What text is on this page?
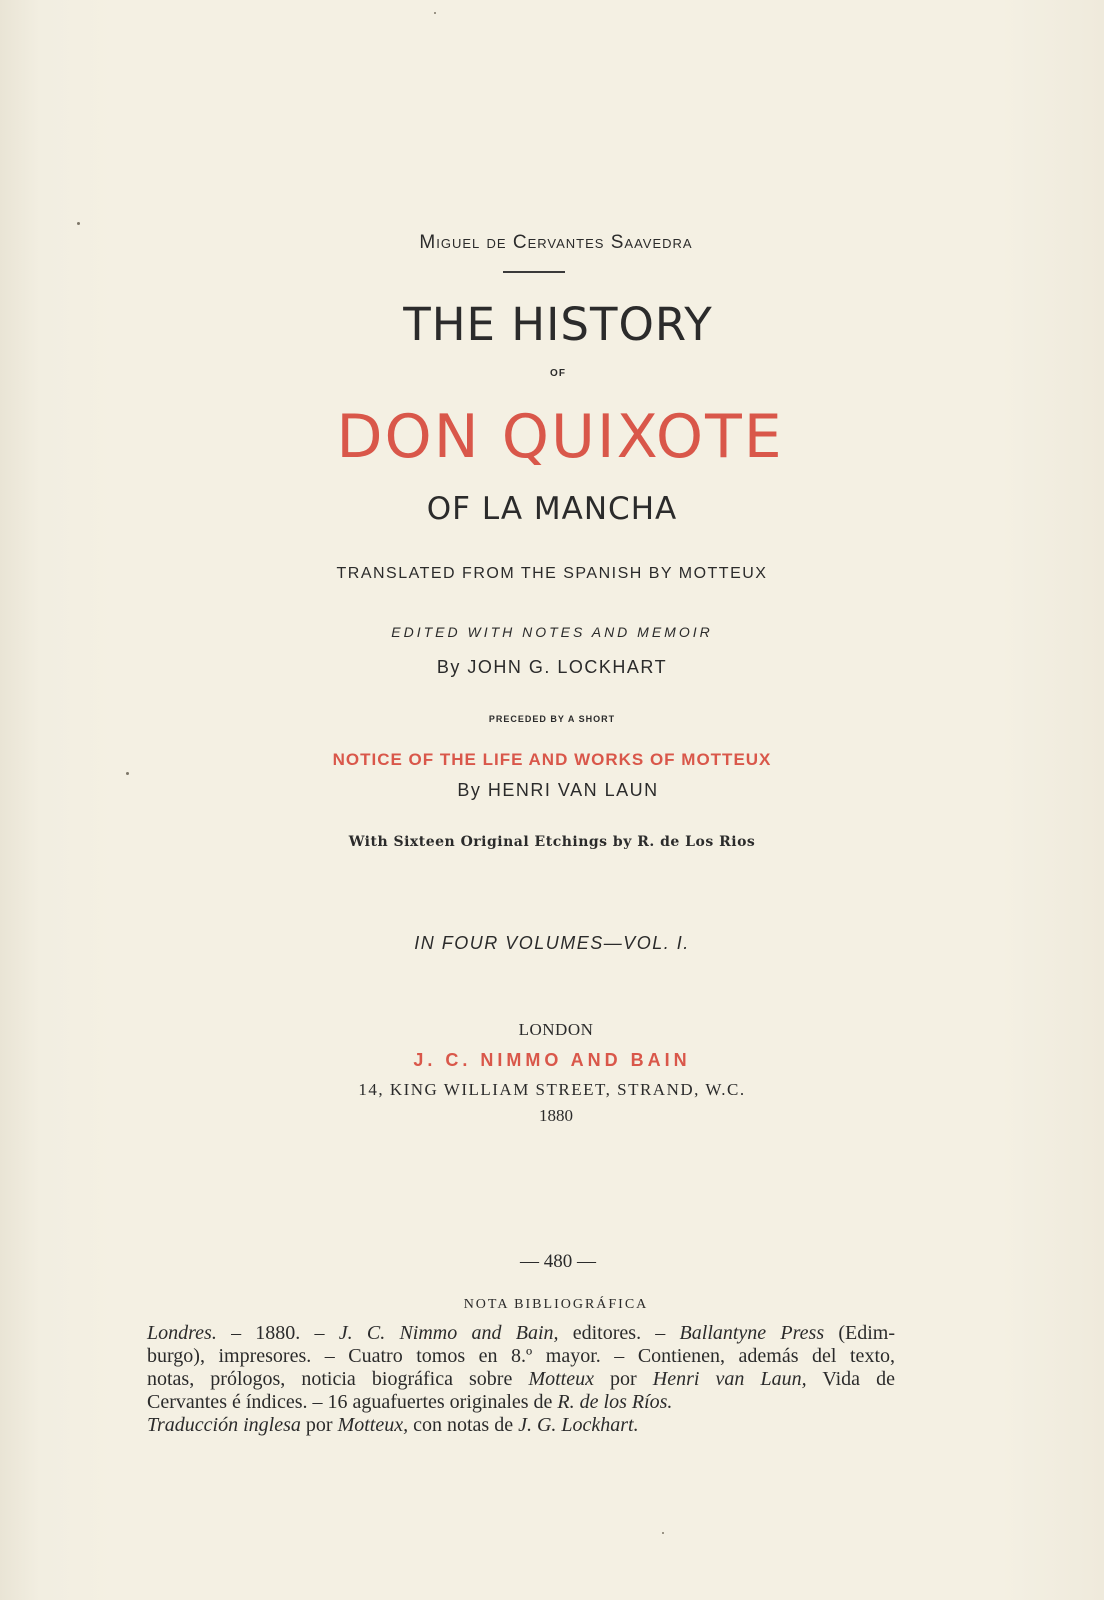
Miguel de Cervantes Saavedra
THE HISTORY
OF
DON QUIXOTE
OF LA MANCHA
TRANSLATED FROM THE SPANISH BY MOTTEUX
EDITED WITH NOTES AND MEMOIR
By JOHN G. LOCKHART
PRECEDED BY A SHORT
NOTICE OF THE LIFE AND WORKS OF MOTTEUX
By HENRI VAN LAUN
With Sixteen Original Etchings by R. de Los Rios
IN FOUR VOLUMES—VOL. I.
LONDON
J. C. NIMMO AND BAIN
14, KING WILLIAM STREET, STRAND, W.C.
1880
— 480 —
NOTA BIBLIOGRÁFICA
Londres. – 1880. – J. C. Nimmo and Bain, editores. – Ballantyne Press (Edim-
burgo), impresores. – Cuatro tomos en 8.º mayor. – Contienen, además del texto,
notas, prólogos, noticia biográfica sobre Motteux por Henri van Laun, Vida de
Cervantes é índices. – 16 aguafuertes originales de R. de los Ríos.
Traducción inglesa por Motteux, con notas de J. G. Lockhart.
